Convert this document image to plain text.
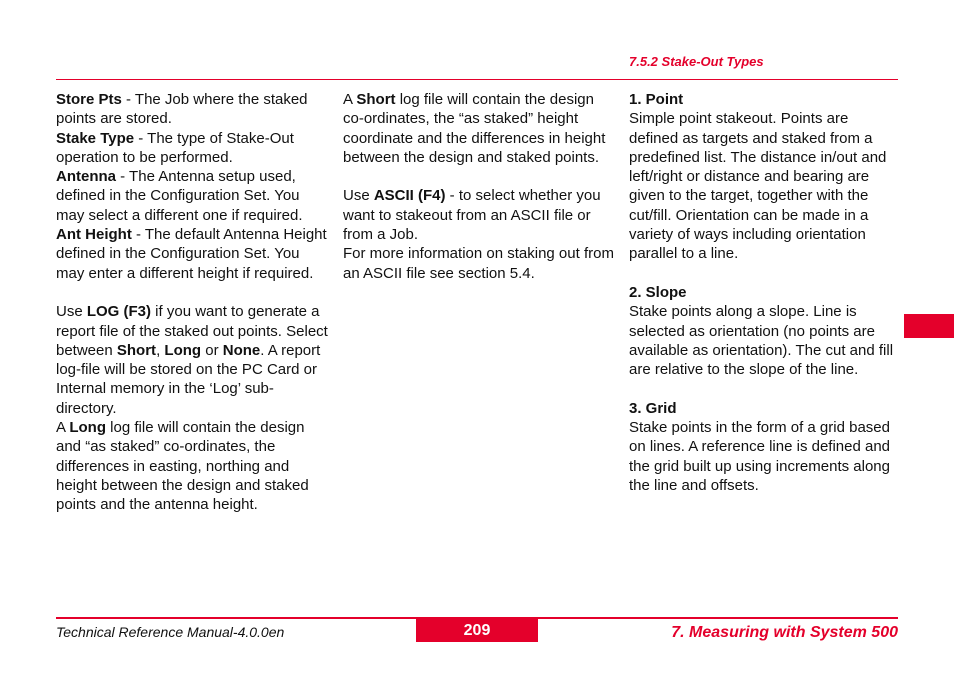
7.5.2 Stake-Out Types

Store Pts - The Job where the staked points are stored.

Stake Type - The type of Stake-Out operation to be performed.

Antenna - The Antenna setup used, defined in the Configuration Set. You may select a different one if required.

Ant Height - The default Antenna Height defined in the Configuration Set. You may enter a different height if required.

Use LOG (F3) if you want to generate a report file of the staked out points. Select between Short, Long or None. A report log-file will be stored on the PC Card or Internal memory in the ‘Log’ sub-directory.

A Long log file will contain the design and “as staked” co-ordinates, the differences in easting, northing and height between the design and staked points and the antenna height.

A Short log file will contain the design co-ordinates, the “as staked” height coordinate and the differences in height between the design and staked points.

Use ASCII (F4) - to select whether you want to stakeout from an ASCII file or from a Job.

For more information on staking out from an ASCII file see section 5.4.

1. Point

Simple point stakeout. Points are defined as targets and staked from a predefined list. The distance in/out and left/right or distance and bearing are given to the target, together with the cut/fill. Orientation can be made in a variety of ways including orientation parallel to a line.

2. Slope

Stake points along a slope. Line is selected as orientation (no points are available as orientation). The cut and fill are relative to the slope of the line.

3. Grid

Stake points in the form of a grid based on lines. A reference line is defined and the grid built up using increments along the line and offsets.

Technical Reference Manual-4.0.0en	209	7. Measuring with System 500
